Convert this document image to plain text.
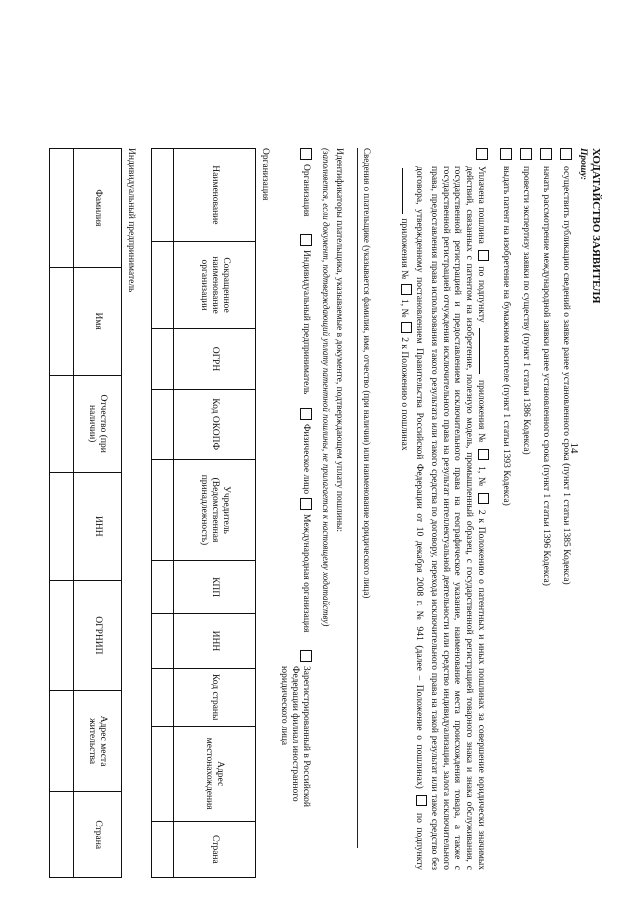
14
ХОДАТАЙСТВО ЗАЯВИТЕЛЯ
Прошу:
осуществить публикацию сведений о заявке ранее установленного срока (пункт 1 статьи 1385 Кодекса)
начать рассмотрение международной заявки ранее установленного срока (пункт 1 статьи 1396 Кодекса)
провести экспертизу заявки по существу (пункт 1 статьи 1386 Кодекса)
выдать патент на изобретение на бумажном носителе (пункт 1 статьи 1393 Кодекса)
Уплачена пошлина  по подпункту  приложения №  1, №  2 к Положению о патентных и иных пошлинах за совершение юридически значимых действий, связанных с патентом на изобретение, полезную модель, промышленный образец, с государственной регистрацией товарного знака и знака обслуживания, с государственной регистрацией и предоставлением исключительного права на географическое указание, наименование места происхождения товара, а также с государственной регистрацией отчуждения исключительного права на результат интеллектуальной деятельности или средство индивидуализации, залога исключительного права, предоставления права использования такого результата или такого средства по договору, перехода исключительного права на такой результат или такое средство без договора, утвержденному постановлением Правительства Российской Федерации от 10 декабря 2008 г. № 941 (далее – Положение о пошлинах)  по подпункту  приложения №  1, №  2 к Положению о пошлинах
Сведения о плательщике (указывается фамилия, имя, отчество (при наличии) или наименование юридического лица)
Идентификаторы плательщика, указываемые в документе, подтверждающем уплату пошлины:
(заполняется, если документ, подтверждающий уплату патентной пошлины, не прилагается к настоящему ходатайству)
Организация
Индивидуальный предприниматель
Физическое лицо
Международная организация
Зарегистрированный в Российской
Федерации филиал иностранного
юридического лица
Организация
Наименование	Сокращенное наименование организации	ОГРН	Код ОКОПФ	Учредитель (Ведомственная принадлежность)	КПП	ИНН	Код страны	Адрес местонахождения	Страна

Индивидуальный предприниматель
Фамилия	Имя	Отчество (при наличии)	ИНН	ОГРНИП	Адрес места жительства	Страна
